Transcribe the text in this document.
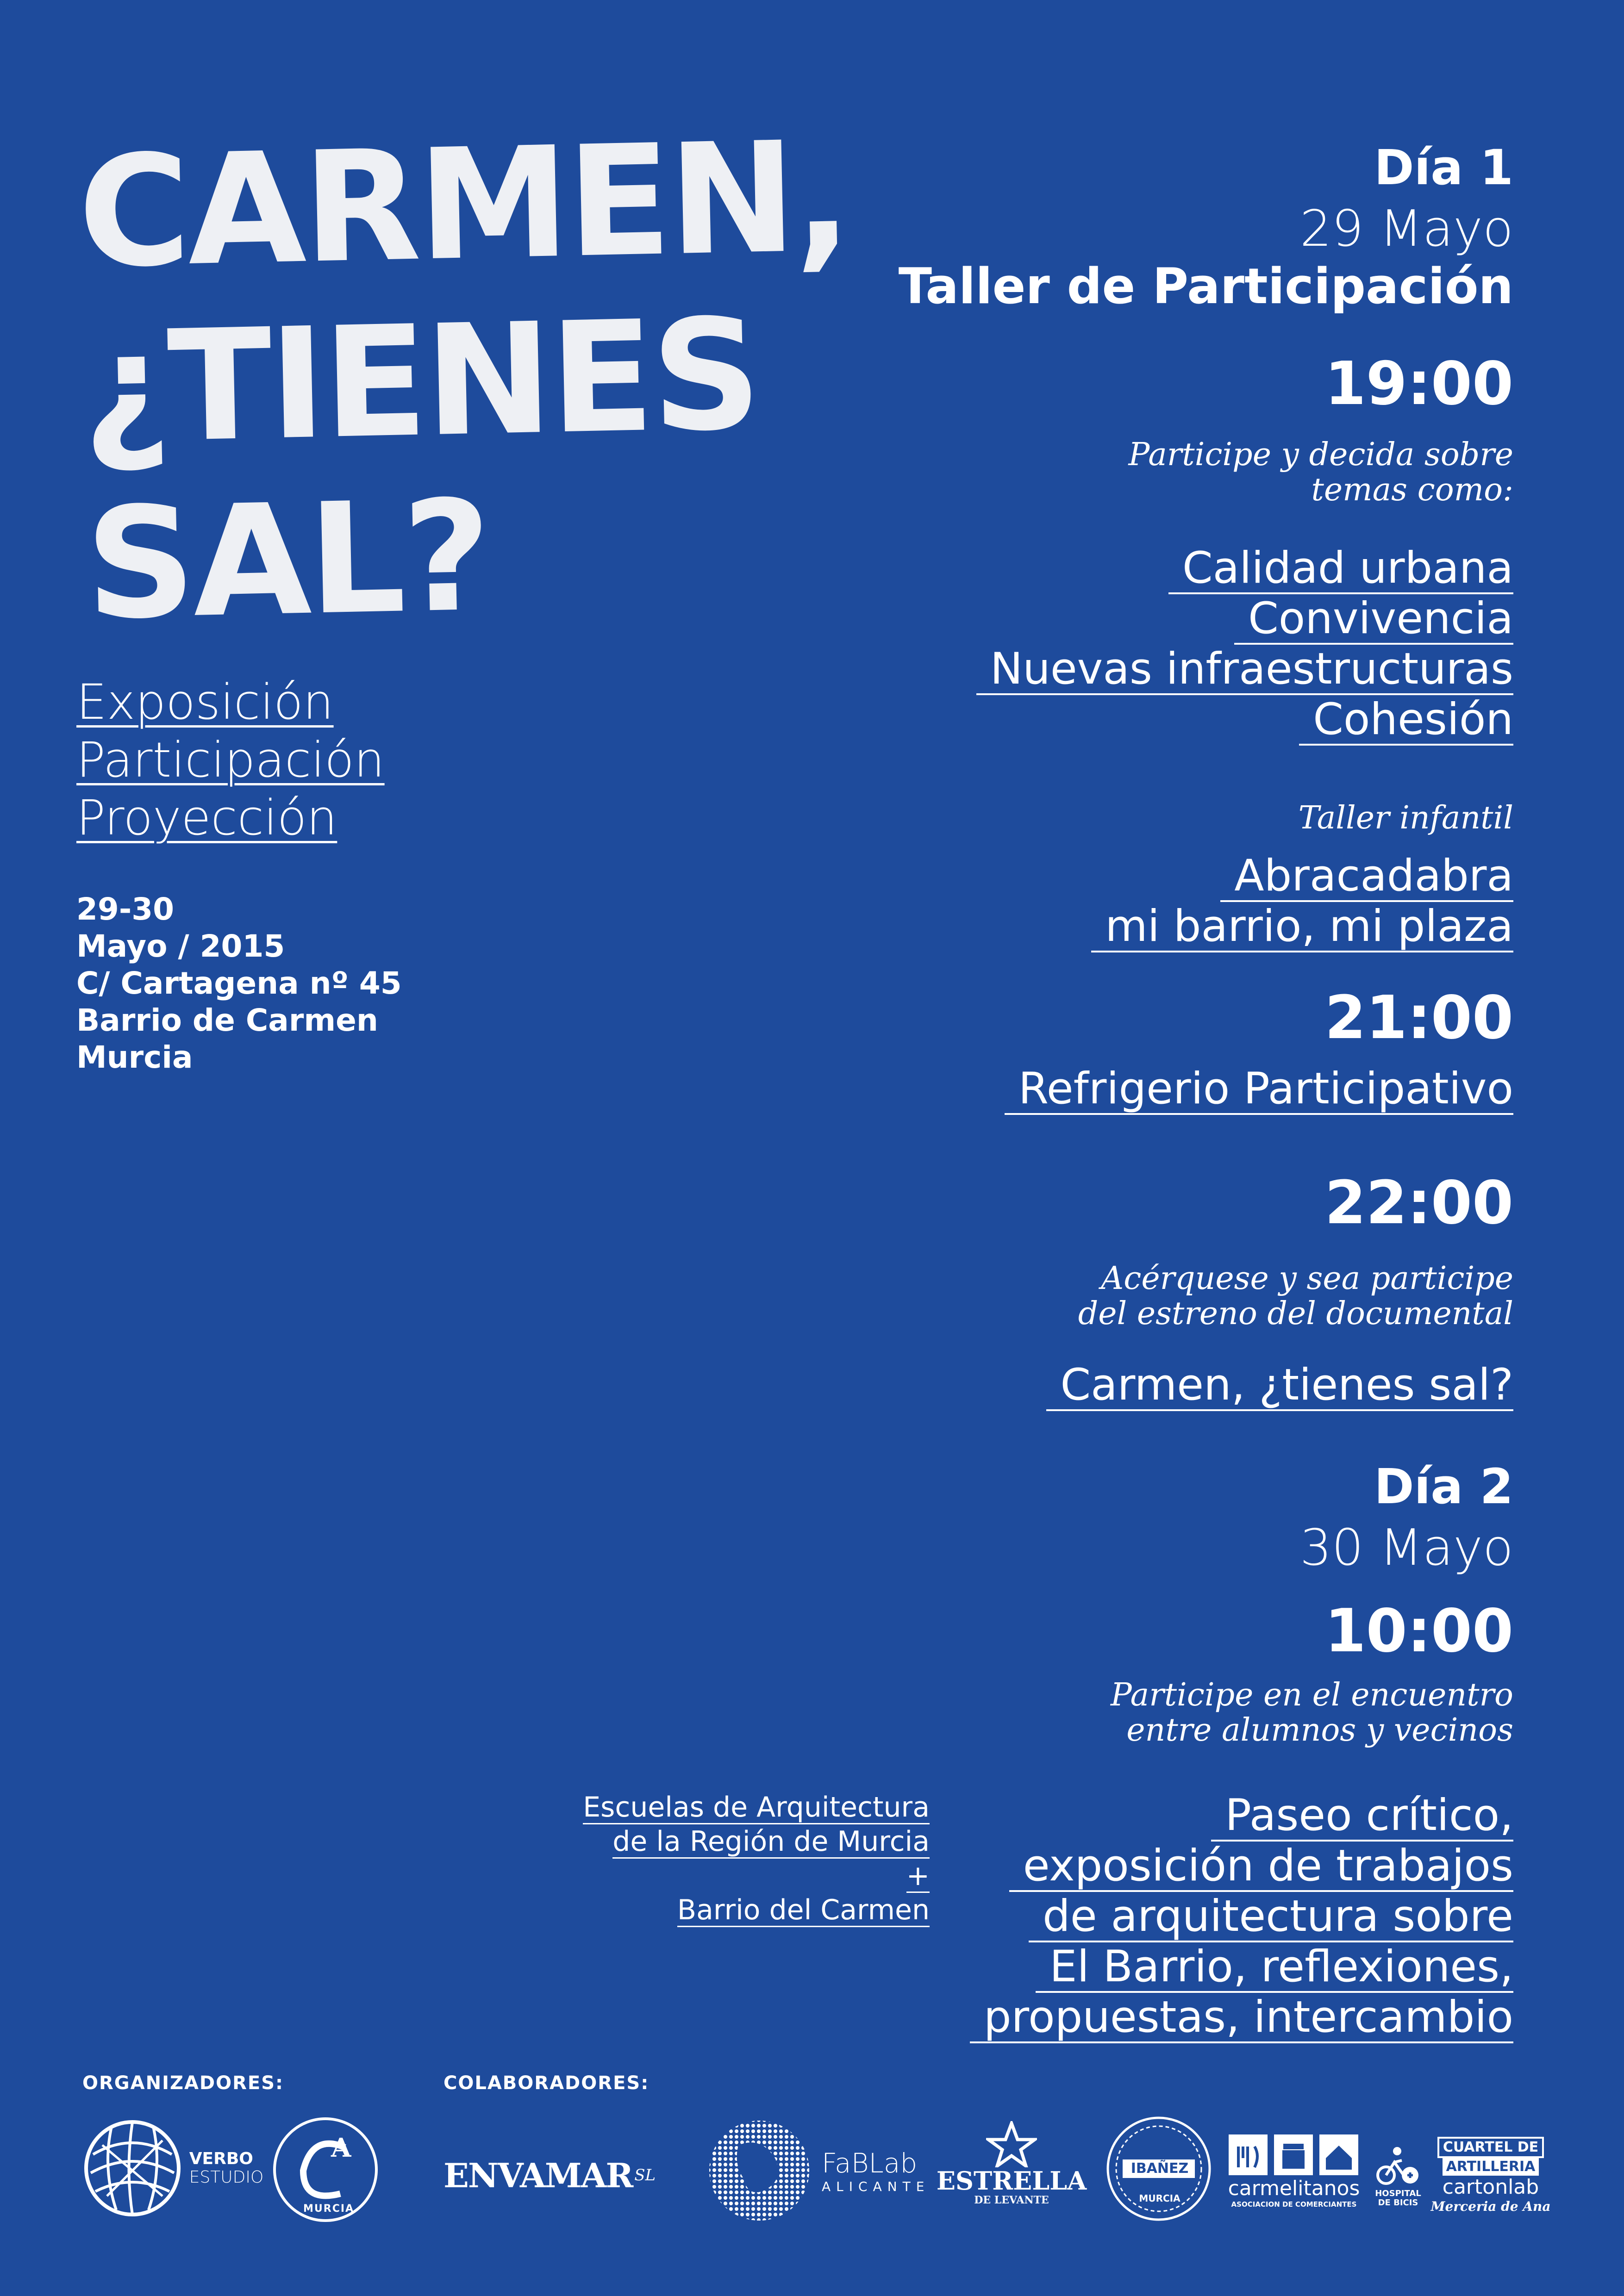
CARMEN,
¿TIENES
SAL?
Exposición
Participación
Proyección
29-30
Mayo / 2015
C/ Cartagena nº 45
Barrio de Carmen
Murcia
Día 1
29 Mayo
Taller de Participación
19:00
Participe y decida sobre
temas como:
Calidad urbana
Convivencia
Nuevas infraestructuras
Cohesión
Taller infantil
Abracadabra
mi barrio, mi plaza
21:00
Refrigerio Participativo
22:00
Acérquese y sea participe
del estreno del documental
Carmen, ¿tienes sal?
Día 2
30 Mayo
10:00
Participe en el encuentro
entre alumnos y vecinos
Escuelas de Arquitectura
de la Región de Murcia
+
Barrio del Carmen
Paseo crítico,
exposición de trabajos
de arquitectura sobre
El Barrio, reflexiones,
propuestas, intercambio
ORGANIZADORES:	COLABORADORES:
VERBO
ESTUDIO
A
MURCIA
ENVAMAR SL	FaBLab
ALICANTE ESTRELLA
DE LEVANTE
IBAÑEZ
MURCIA	carmelitanos
ASOCIACION DE COMERCIANTES
HOSPITAL
DE BICIS
CUARTEL DE
ARTILLERIA
cartonlab
Merceria de Ana
